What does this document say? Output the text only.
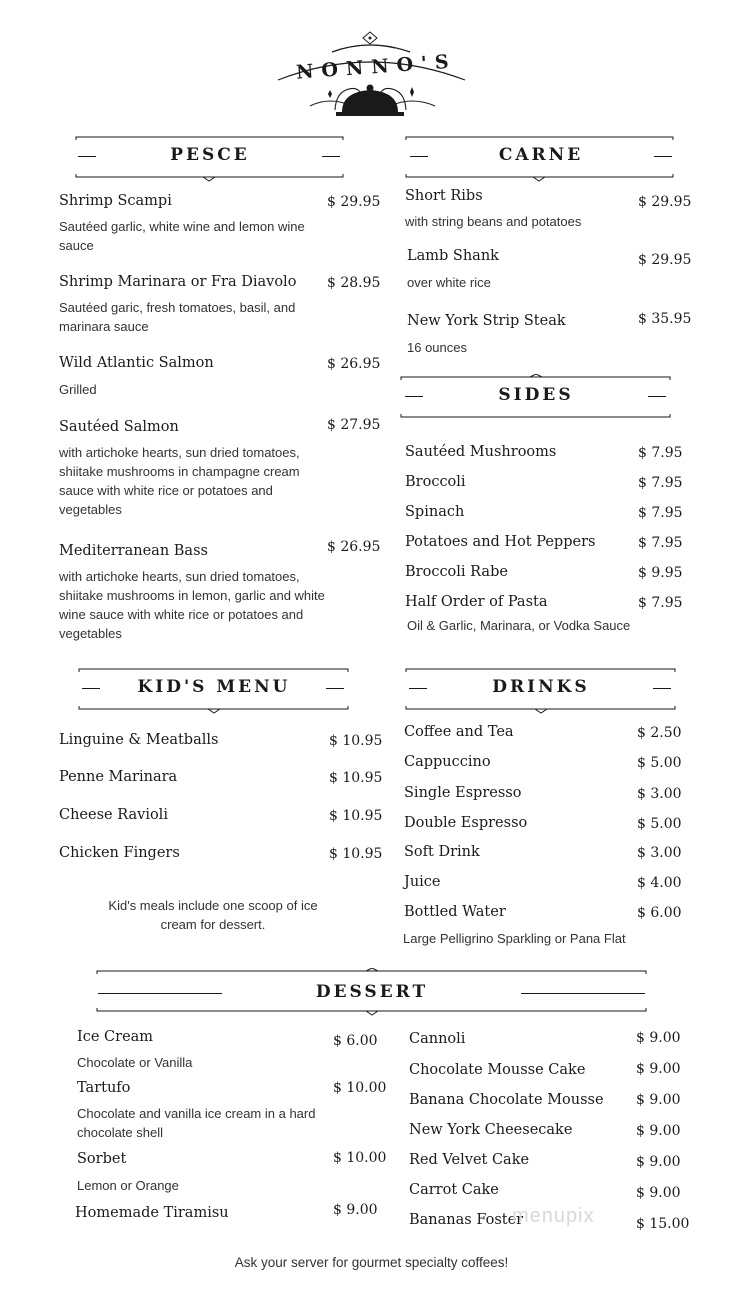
NONNO'S
PESCE	CARNE
Shrimp Scampi	$ 29.95
Sautéed garlic, white wine and lemon wine sauce
Shrimp Marinara or Fra Diavolo $ 28.95
Sautéed garic, fresh tomatoes, basil, and marinara sauce
Wild Atlantic Salmon	$ 26.95
Grilled
Sautéed Salmon	$ 27.95
with artichoke hearts, sun dried tomatoes, shiitake mushrooms in champagne cream sauce with white rice or potatoes and vegetables
Mediterranean Bass	$ 26.95
with artichoke hearts, sun dried tomatoes, shiitake mushrooms in lemon, garlic and white wine sauce with white rice or potatoes and vegetables
Short Ribs	$ 29.95
with string beans and potatoes
Lamb Shank	$ 29.95
over white rice
New York Strip Steak	$ 35.95
16 ounces
SIDES
Sautéed Mushrooms	$ 7.95
Broccoli	$ 7.95
Spinach	$ 7.95
Potatoes and Hot Peppers	$ 7.95
Broccoli Rabe	$ 9.95
Half Order of Pasta	$ 7.95
Oil & Garlic, Marinara, or Vodka Sauce
KID'S MENU
Linguine & Meatballs	$ 10.95
Penne Marinara	$ 10.95
Cheese Ravioli	$ 10.95
Chicken Fingers	$ 10.95
Kid's meals include one scoop of ice cream for dessert.
DRINKS
Coffee and Tea	$ 2.50
Cappuccino	$ 5.00
Single Espresso	$ 3.00
Double Espresso	$ 5.00
Soft Drink	$ 3.00
Juice	$ 4.00
Bottled Water	$ 6.00
Large Pelligrino Sparkling or Pana Flat
DESSERT
Ice Cream	$ 6.00
Chocolate or Vanilla
Tartufo	$ 10.00
Chocolate and vanilla ice cream in a hard chocolate shell
Sorbet	$ 10.00
Lemon or Orange
Homemade Tiramisu	$ 9.00
Cannoli	$ 9.00
Chocolate Mousse Cake	$ 9.00
Banana Chocolate Mousse $ 9.00
New York Cheesecake	$ 9.00
Red Velvet Cake	$ 9.00
Carrot Cake	$ 9.00
Bananas Foster	$ 15.00
menupix
Ask your server for gourmet specialty coffees!
